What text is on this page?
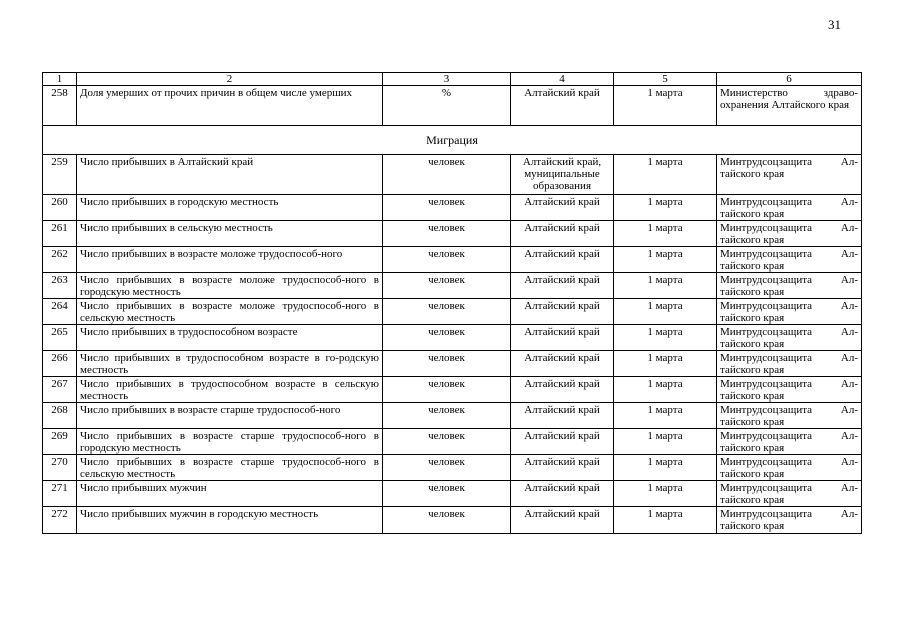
31
1	2	3	4	5	6
258	Доля умерших от прочих причин в общем числе умерших	%	Алтайский край	1 марта	Министерство здраво-охранения Алтайского края
Миграция					
259	Число прибывших в Алтайский край	человек	Алтайский край, муниципальные образования	1 марта	Минтрудсоцзащита Ал-тайского края
260	Число прибывших в городскую местность	человек	Алтайский край	1 марта	Минтрудсоцзащита Ал-тайского края
261	Число прибывших в сельскую местность	человек	Алтайский край	1 марта	Минтрудсоцзащита Ал-тайского края
262	Число прибывших в возрасте моложе трудоспособ-ного	человек	Алтайский край	1 марта	Минтрудсоцзащита Ал-тайского края
263	Число прибывших в возрасте моложе трудоспособ-ного в городскую местность	человек	Алтайский край	1 марта	Минтрудсоцзащита Ал-тайского края
264	Число прибывших в возрасте моложе трудоспособ-ного в сельскую местность	человек	Алтайский край	1 марта	Минтрудсоцзащита Ал-тайского края
265	Число прибывших в трудоспособном возрасте	человек	Алтайский край	1 марта	Минтрудсоцзащита Ал-тайского края
266	Число прибывших в трудоспособном возрасте в го-родскую местность	человек	Алтайский край	1 марта	Минтрудсоцзащита Ал-тайского края
267	Число прибывших в трудоспособном возрасте в сельскую местность	человек	Алтайский край	1 марта	Минтрудсоцзащита Ал-тайского края
268	Число прибывших в возрасте старше трудоспособ-ного	человек	Алтайский край	1 марта	Минтрудсоцзащита Ал-тайского края
269	Число прибывших в возрасте старше трудоспособ-ного в городскую местность	человек	Алтайский край	1 марта	Минтрудсоцзащита Ал-тайского края
270	Число прибывших в возрасте старше трудоспособ-ного в сельскую местность	человек	Алтайский край	1 марта	Минтрудсоцзащита Ал-тайского края
271	Число прибывших мужчин	человек	Алтайский край	1 марта	Минтрудсоцзащита Ал-тайского края
272	Число прибывших мужчин в городскую местность	человек	Алтайский край	1 марта	Минтрудсоцзащита Ал-тайского края
